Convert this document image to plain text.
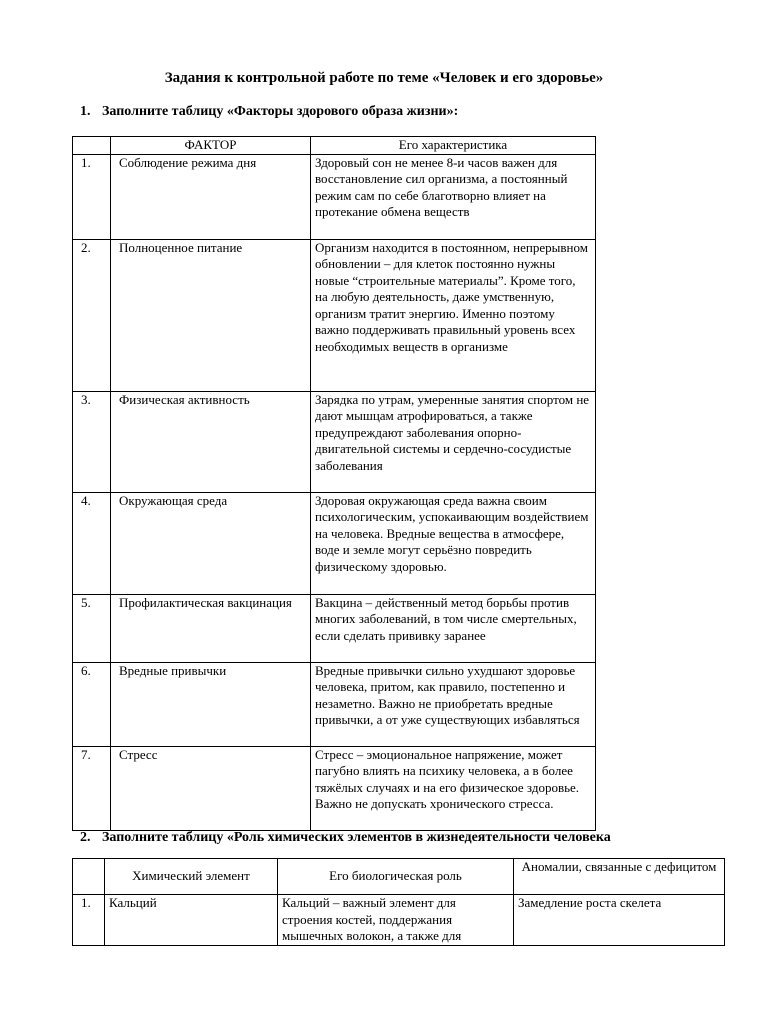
Задания к контрольной работе по теме «Человек и его здоровье»
1. Заполните таблицу «Факторы здорового образа жизни»:
	ФАКТОР	Его характеристика
1.	Соблюдение режима дня	Здоровый сон не менее 8-и часов важен для восстановление сил организма, а постоянный режим сам по себе благотворно влияет на протекание обмена веществ
2.	Полноценное питание	Организм находится в постоянном, непрерывном обновлении – для клеток постоянно нужны новые “строительные материалы”. Кроме того, на любую деятельность, даже умственную, организм тратит энергию. Именно поэтому важно поддерживать правильный уровень всех необходимых веществ в организме
3.	Физическая активность	Зарядка по утрам, умеренные занятия спортом не дают мышцам атрофироваться, а также предупреждают заболевания опорно-двигательной системы и сердечно-сосудистые заболевания
4.	Окружающая среда	Здоровая окружающая среда важна своим психологическим, успокаивающим воздействием на человека. Вредные вещества в атмосфере, воде и земле могут серьёзно повредить физическому здоровью.
5.	Профилактическая вакцинация	Вакцина – действенный метод борьбы против многих заболеваний, в том числе смертельных, если сделать прививку заранее
6.	Вредные привычки	Вредные привычки сильно ухудшают здоровье человека, притом, как правило, постепенно и незаметно. Важно не приобретать вредные привычки, а от уже существующих избавляться
7.	Стресс	Стресс – эмоциональное напряжение, может пагубно влиять на психику человека, а в более тяжёлых случаях и на его физическое здоровье. Важно не допускать хронического стресса.
2. Заполните таблицу «Роль химических элементов в жизнедеятельности человека
	Химический элемент	Его биологическая роль	Аномалии, связанные с дефицитом
1.	Кальций	Кальций – важный элемент для строения костей, поддержания мышечных волокон, а также для	Замедление роста скелета
